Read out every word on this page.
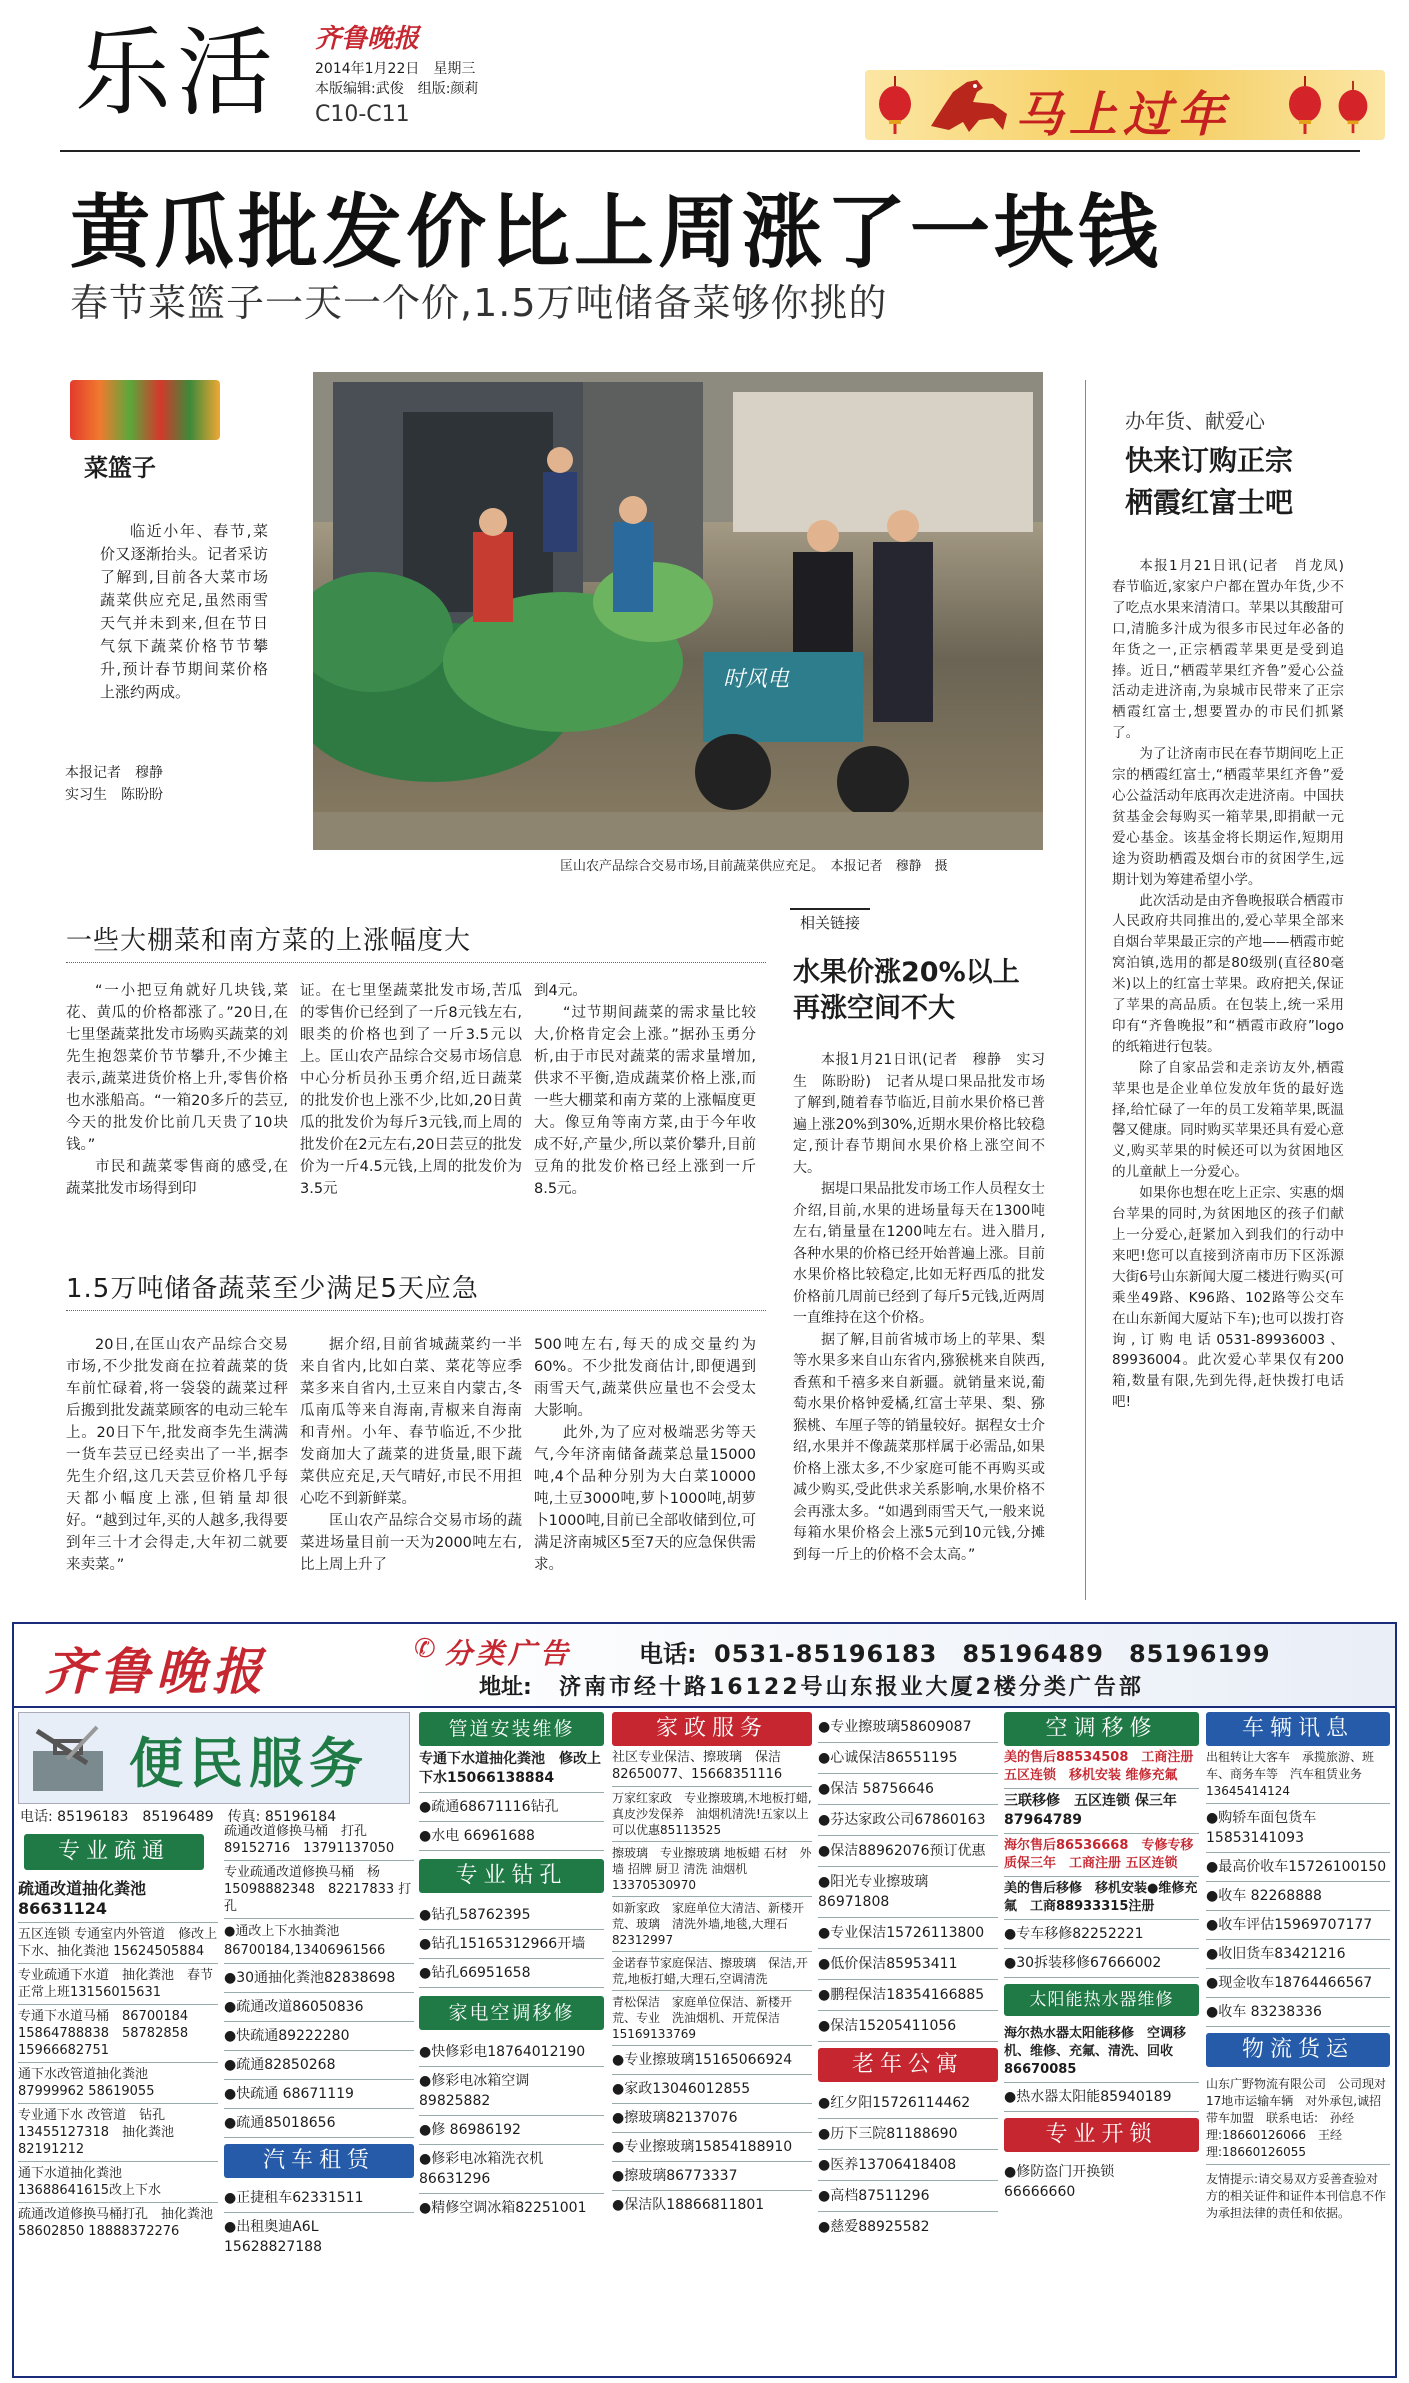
乐活 齐鲁晚报
2014年1月22日　星期三
本版编辑:武俊　组版:颜莉
C10-C11	马上过年
黄瓜批发价比上周涨了一块钱
春节菜篮子一天一个价,1.5万吨储备菜够你挑的
菜篮子

临近小年、春节,菜价又逐渐抬头。记者采访了解到,目前各大菜市场蔬菜供应充足,虽然雨雪天气并未到来,但在节日气氛下蔬菜价格节节攀升,预计春节期间菜价格上涨约两成。

本报记者　穆静
实习生　陈盼盼
时风电
匡山农产品综合交易市场,目前蔬菜供应充足。　本报记者　穆静　摄
一些大棚菜和南方菜的上涨幅度大

“一小把豆角就好几块钱,菜花、黄瓜的价格都涨了。”20日,在七里堡蔬菜批发市场购买蔬菜的刘先生抱怨菜价节节攀升,不少摊主表示,蔬菜进货价格上升,零售价格也水涨船高。“一箱20多斤的芸豆,今天的批发价比前几天贵了10块钱。”

市民和蔬菜零售商的感受,在蔬菜批发市场得到印

证。在七里堡蔬菜批发市场,苦瓜的零售价已经到了一斤8元钱左右,眼类的价格也到了一斤3.5元以上。匡山农产品综合交易市场信息中心分析员孙玉勇介绍,近日蔬菜的批发价也上涨不少,比如,20日黄瓜的批发价为每斤3元钱,而上周的批发价在2元左右,20日芸豆的批发价为一斤4.5元钱,上周的批发价为3.5元

到4元。

“过节期间蔬菜的需求量比较大,价格肯定会上涨。”据孙玉勇分析,由于市民对蔬菜的需求量增加,供求不平衡,造成蔬菜价格上涨,而一些大棚菜和南方菜的上涨幅度更大。像豆角等南方菜,由于今年收成不好,产量少,所以菜价攀升,目前豆角的批发价格已经上涨到一斤8.5元。

1.5万吨储备蔬菜至少满足5天应急

20日,在匡山农产品综合交易市场,不少批发商在拉着蔬菜的货车前忙碌着,将一袋袋的蔬菜过秤后搬到批发蔬菜顾客的电动三轮车上。20日下午,批发商李先生满满一货车芸豆已经卖出了一半,据李先生介绍,这几天芸豆价格几乎每天都小幅度上涨,但销量却很好。“越到过年,买的人越多,我得要到年三十才会得走,大年初二就要来卖菜。”

据介绍,目前省城蔬菜约一半来自省内,比如白菜、菜花等应季菜多来自省内,土豆来自内蒙古,冬瓜南瓜等来自海南,青椒来自海南和青州。小年、春节临近,不少批发商加大了蔬菜的进货量,眼下蔬菜供应充足,天气晴好,市民不用担心吃不到新鲜菜。

匡山农产品综合交易市场的蔬菜进场量目前一天为2000吨左右,比上周上升了

500吨左右,每天的成交量约为60%。不少批发商估计,即便遇到雨雪天气,蔬菜供应量也不会受太大影响。

此外,为了应对极端恶劣等天气,今年济南储备蔬菜总量15000吨,4个品种分别为大白菜10000吨,土豆3000吨,萝卜1000吨,胡萝卜1000吨,目前已全部收储到位,可满足济南城区5至7天的应急保供需求。

相关链接
水果价涨20%以上
再涨空间不大

本报1月21日讯(记者　穆静　实习生　陈盼盼)　记者从堤口果品批发市场了解到,随着春节临近,目前水果价格已普遍上涨20%到30%,近期水果价格比较稳定,预计春节期间水果价格上涨空间不大。

据堤口果品批发市场工作人员程女士介绍,目前,水果的进场量每天在1300吨左右,销量量在1200吨左右。进入腊月,各种水果的价格已经开始普遍上涨。目前水果价格比较稳定,比如无籽西瓜的批发价格前几周前已经到了每斤5元钱,近两周一直维持在这个价格。

据了解,目前省城市场上的苹果、梨等水果多来自山东省内,猕猴桃来自陕西,香蕉和千禧多来自新疆。就销量来说,葡萄水果价格钟爱橘,红富士苹果、梨、猕猴桃、车厘子等的销量较好。据程女士介绍,水果并不像蔬菜那样属于必需品,如果价格上涨太多,不少家庭可能不再购买或减少购买,受此供求关系影响,水果价格不会再涨太多。“如遇到雨雪天气,一般来说每箱水果价格会上涨5元到10元钱,分摊到每一斤上的价格不会太高。”

办年货、献爱心
快来订购正宗
栖霞红富士吧

本报1月21日讯(记者　肖龙凤)　春节临近,家家户户都在置办年货,少不了吃点水果来清清口。苹果以其酸甜可口,清脆多汁成为很多市民过年必备的年货之一,正宗栖霞苹果更是受到追捧。近日,“栖霞苹果红齐鲁”爱心公益活动走进济南,为泉城市民带来了正宗栖霞红富士,想要置办的市民们抓紧了。

为了让济南市民在春节期间吃上正宗的栖霞红富士,“栖霞苹果红齐鲁”爱心公益活动年底再次走进济南。中国扶贫基金会每购买一箱苹果,即捐献一元爱心基金。该基金将长期运作,短期用途为资助栖霞及烟台市的贫困学生,远期计划为筹建希望小学。

此次活动是由齐鲁晚报联合栖霞市人民政府共同推出的,爱心苹果全部来自烟台苹果最正宗的产地——栖霞市蛇窝泊镇,选用的都是80级别(直径80毫米)以上的红富士苹果。政府把关,保证了苹果的高品质。在包装上,统一采用印有“齐鲁晚报”和“栖霞市政府”logo的纸箱进行包装。

除了自家品尝和走亲访友外,栖霞苹果也是企业单位发放年货的最好选择,给忙碌了一年的员工发箱苹果,既温馨又健康。同时购买苹果还具有爱心意义,购买苹果的时候还可以为贫困地区的儿童献上一分爱心。

如果你也想在吃上正宗、实惠的烟台苹果的同时,为贫困地区的孩子们献上一分爱心,赶紧加入到我们的行动中来吧!您可以直接到济南市历下区泺源大街6号山东新闻大厦二楼进行购买(可乘坐49路、K96路、102路等公交车在山东新闻大厦站下车);也可以拨打咨询,订购电话0531-89936003、89936004。此次爱心苹果仅有200箱,数量有限,先到先得,赶快拨打电话吧!

齐鲁晚报	✆ 分类广告	电话: 0531-85196183　85196489　85196199
地址: 济南市经十路16122号山东报业大厦2楼分类广告部
便民服务
电话: 85196183　85196489　传真: 85196184
专业疏通
疏通改道抽化粪池　86631124
五区连锁 专通室内外管道　修改上下水、抽化粪池 15624505884
专业疏通下水道　抽化粪池　春节正常上班13156015631
专通下水道马桶　86700184 15864788838　58782858 15966682751
通下水改管道抽化粪池　87999962 58619055
专业通下水 改管道　钻孔 13455127318　抽化粪池 82191212
通下水道抽化粪池　13688641615改上下水
疏通改道修换马桶打孔　抽化粪池58602850 18888372276
疏通改道修换马桶　打孔 89152716　13791137050
专业疏通改道修换马桶　杨 15098882348　82217833 打孔
●通改上下水抽粪池 86700184,13406961566
●30通抽化粪池82838698
●疏通改道86050836
●快疏通89222280
●疏通82850268
●快疏通 68671119
●疏通85018656
汽车租赁
●正捷租车62331511
●出租奥迪A6L　15628827188
管道安装维修
专通下水道抽化粪池　修改上下水15066138884
●疏通68671116钻孔
●水电 66961688
专业钻孔
●钻孔58762395
●钻孔15165312966开墙
●钻孔66951658
家电空调移修
●快修彩电18764012190
●修彩电冰箱空调　89825882
●修 86986192
●修彩电冰箱洗衣机　86631296
●精修空调冰箱82251001
家政服务
社区专业保洁、擦玻璃　保洁82650077、15668351116
万家红家政　专业擦玻璃,木地板打蜡,真皮沙发保养　油烟机清洗!五家以上可以优惠85113525
擦玻璃　专业擦玻璃 地板蜡 石材　外墙 招牌 厨卫 清洗 油烟机 13370530970
如新家政　家庭单位大清洁、新楼开荒、玻璃　清洗外墙,地毯,大理石82312997
金诺春节家庭保洁、擦玻璃　保洁,开荒,地板打蜡,大理石,空调清洗
青松保洁　家庭单位保洁、新楼开荒、专业　洗油烟机、开荒保洁15169133769
●专业擦玻璃15165066924
●家政13046012855
●擦玻璃82137076
●专业擦玻璃15854188910
●擦玻璃86773337
●保洁队18866811801
●专业擦玻璃58609087
●心诚保洁86551195
●保洁 58756646
●芬达家政公司67860163
●保洁88962076预订优惠
●阳光专业擦玻璃　86971808
●专业保洁15726113800
●低价保洁85953411
●鹏程保洁18354166885
●保洁15205411056
老年公寓
●红夕阳15726114462
●历下三院81188690
●医养13706418408
●高档87511296
●慈爱88925582
空调移修
美的售后88534508　工商注册 五区连锁　移机安装 维修充氟
三联移修　五区连锁 保三年　87964789
海尔售后86536668　专修专移 质保三年　工商注册 五区连锁
美的售后移修　移机安装●维修充氟　工商88933315注册
●专车移修82252221
●30拆装移修67666002
太阳能热水器维修
海尔热水器太阳能移修　空调移机、维修、充氟、清洗、回收86670085
●热水器太阳能85940189
专业开锁
●修防盗门开换锁　66666660
车辆讯息
出租转让大客车　承揽旅游、班车、商务车等　汽车租赁业务13645414124
●购轿车面包货车　15853141093
●最高价收车15726100150
●收车 82268888
●收车评估15969707177
●收旧货车83421216
●现金收车18764466567
●收车 83238336
物流货运
山东广野物流有限公司　公司现对17地市运输车辆　对外承包,诚招带车加盟　联系电话:　孙经理:18660126066　王经理:18660126055
友情提示:请交易双方妥善查验对方的相关证件和证件本刊信息不作为承担法律的责任和依据。
